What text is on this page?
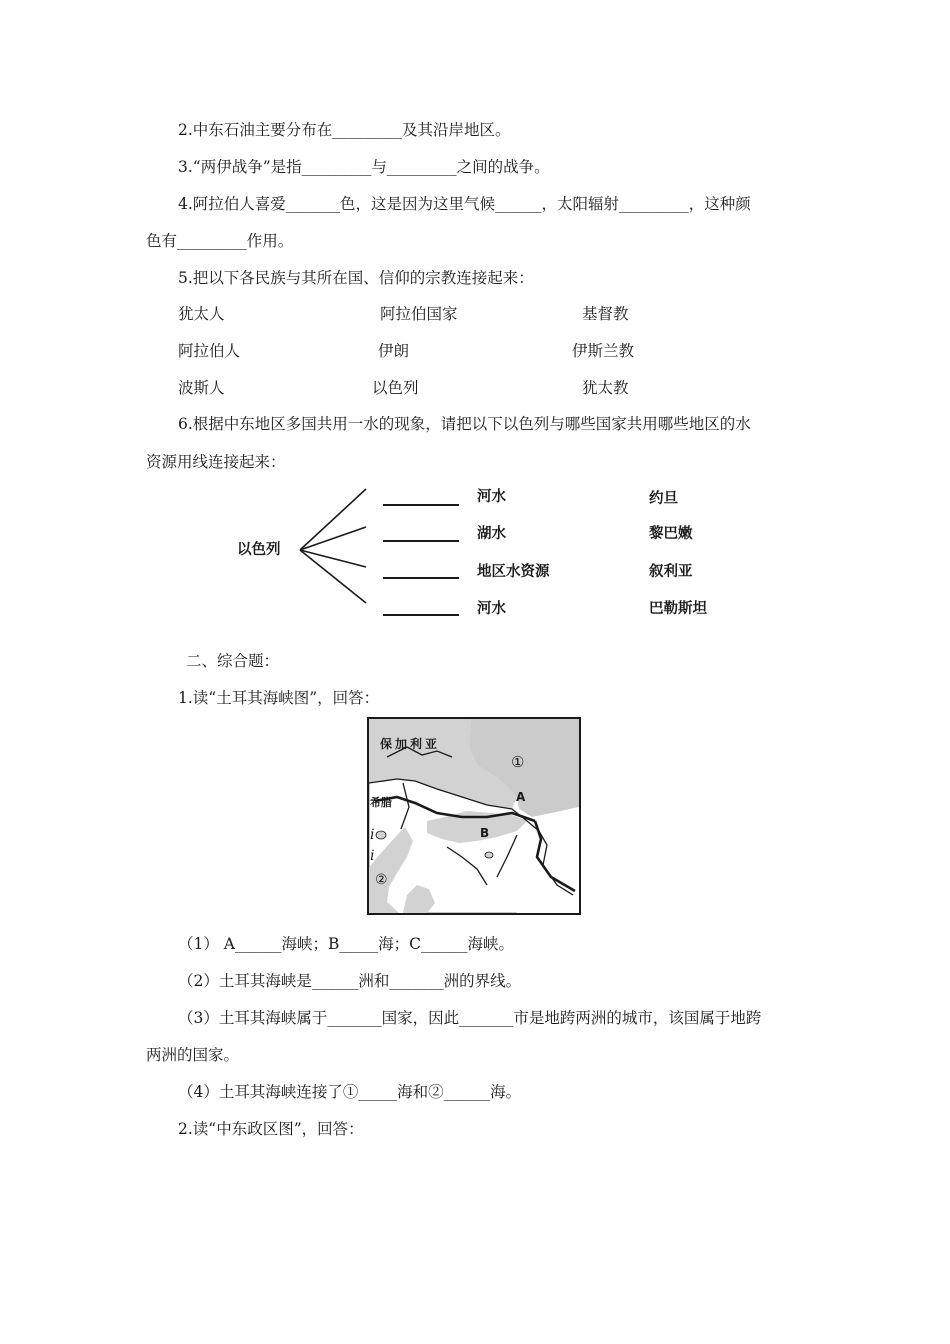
2.中东石油主要分布在_________及其沿岸地区。
3.“两伊战争”是指_________与_________之间的战争。
4.阿拉伯人喜爱_______色，这是因为这里气候______，太阳辐射_________，这种颜
色有_________作用。
5.把以下各民族与其所在国、信仰的宗教连接起来：
犹太人	阿拉伯国家	基督教
阿拉伯人	伊朗	伊斯兰教
波斯人	以色列	犹太教
6.根据中东地区多国共用一水的现象，请把以下以色列与哪些国家共用哪些地区的水
资源用线连接起来：
以色列
河水
湖水
地区水资源
河水
约旦
黎巴嫩
叙利亚
巴勒斯坦
二、综合题：
1.读“土耳其海峡图”，回答：
保加利亚
希腊
①
A
B
②
i
i
（1） A______海峡；B_____海；C______海峡。
（2）土耳其海峡是______洲和_______洲的界线。
（3）土耳其海峡属于_______国家，因此_______市是地跨两洲的城市，该国属于地跨
两洲的国家。
（4）土耳其海峡连接了①_____海和②______海。
2.读“中东政区图”，回答：
